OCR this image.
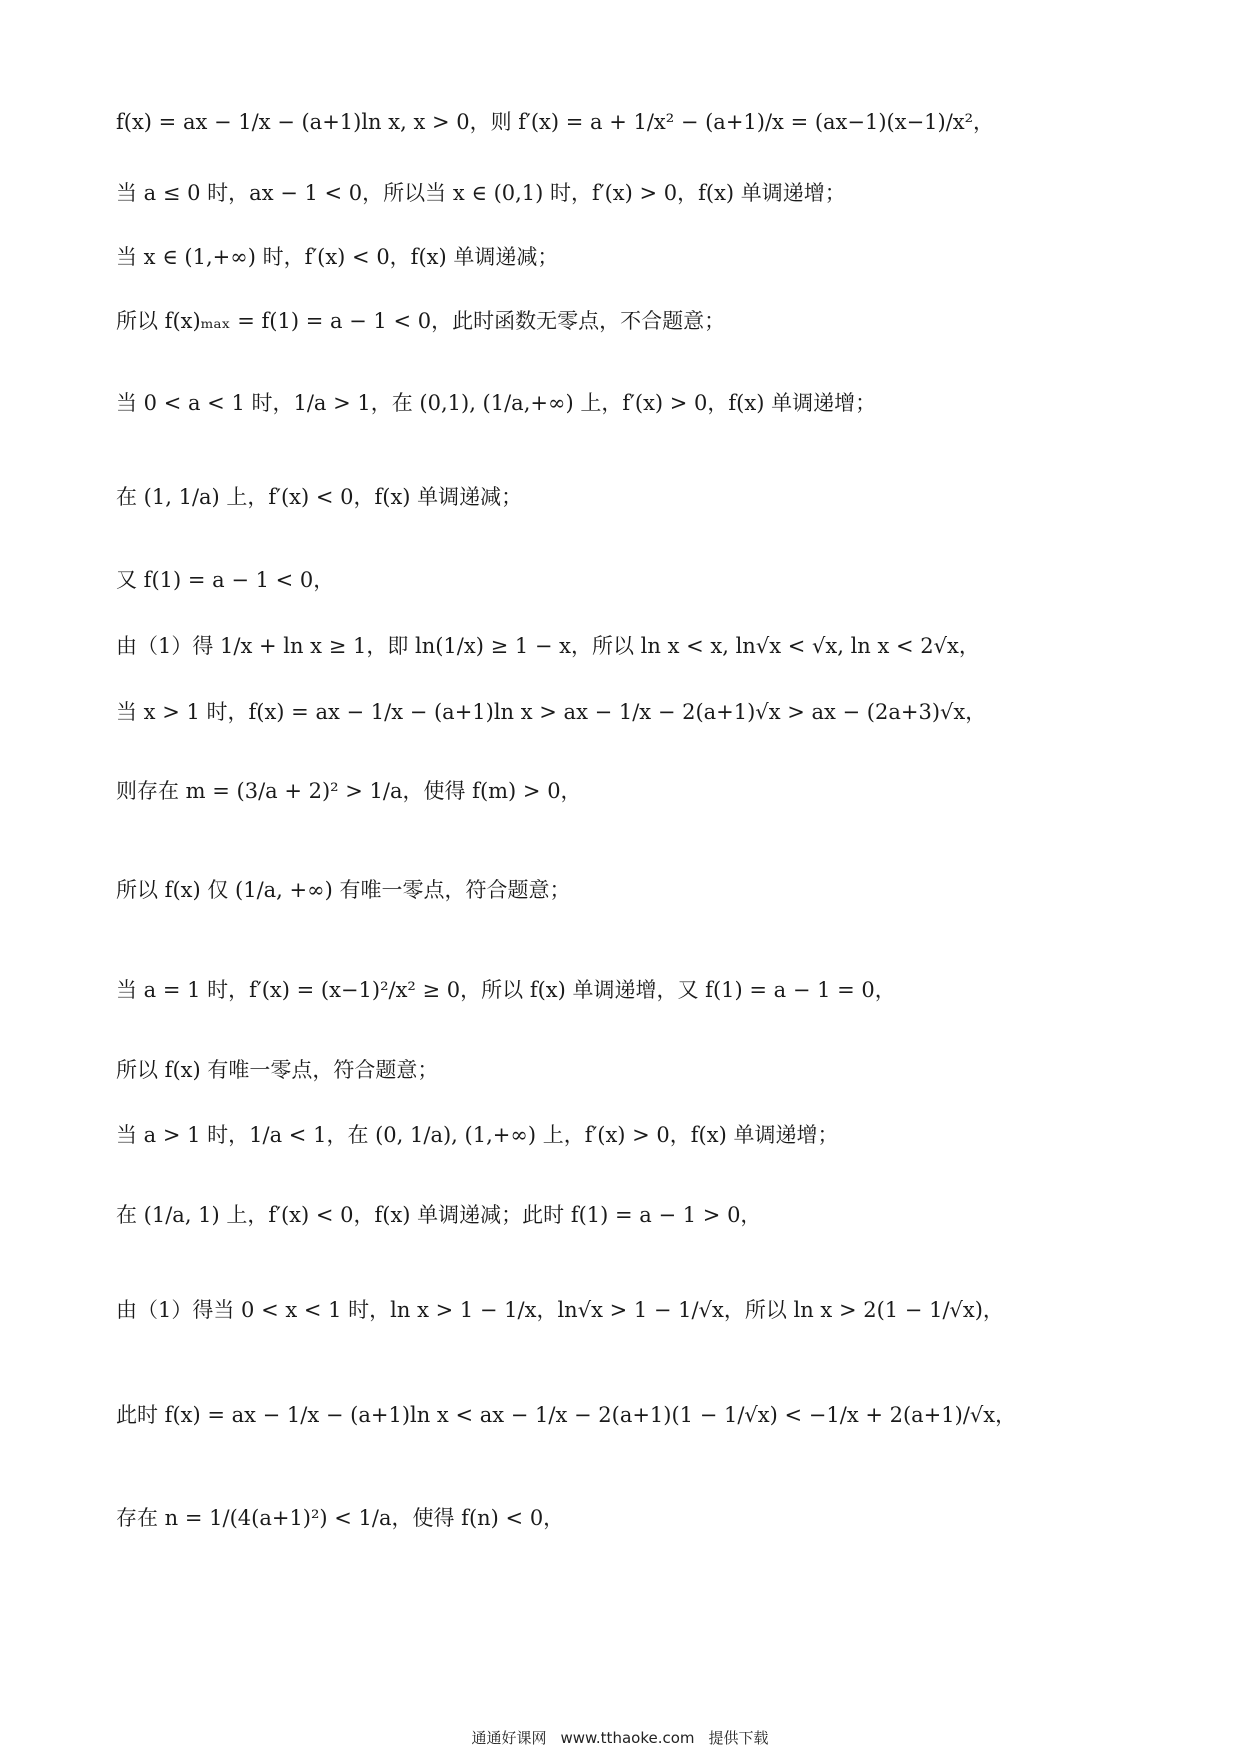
f(x) = ax − 1/x − (a+1)ln x, x > 0，则 f′(x) = a + 1/x² − (a+1)/x = (ax−1)(x−1)/x²，
当 a ≤ 0 时，ax − 1 < 0，所以当 x ∈ (0,1) 时，f′(x) > 0，f(x) 单调递增；
当 x ∈ (1,+∞) 时，f′(x) < 0，f(x) 单调递减；
所以 f(x)ₘₐₓ = f(1) = a − 1 < 0，此时函数无零点，不合题意；
当 0 < a < 1 时，1/a > 1，在 (0,1), (1/a,+∞) 上，f′(x) > 0，f(x) 单调递增；
在 (1, 1/a) 上，f′(x) < 0，f(x) 单调递减；
又 f(1) = a − 1 < 0，
由（1）得 1/x + ln x ≥ 1，即 ln(1/x) ≥ 1 − x，所以 ln x < x, ln√x < √x, ln x < 2√x，
当 x > 1 时，f(x) = ax − 1/x − (a+1)ln x > ax − 1/x − 2(a+1)√x > ax − (2a+3)√x，
则存在 m = (3/a + 2)² > 1/a，使得 f(m) > 0，
所以 f(x) 仅 (1/a, +∞) 有唯一零点，符合题意；
当 a = 1 时，f′(x) = (x−1)²/x² ≥ 0，所以 f(x) 单调递增，又 f(1) = a − 1 = 0，
所以 f(x) 有唯一零点，符合题意；
当 a > 1 时，1/a < 1，在 (0, 1/a), (1,+∞) 上，f′(x) > 0，f(x) 单调递增；
在 (1/a, 1) 上，f′(x) < 0，f(x) 单调递减；此时 f(1) = a − 1 > 0，
由（1）得当 0 < x < 1 时，ln x > 1 − 1/x，ln√x > 1 − 1/√x，所以 ln x > 2(1 − 1/√x)，
此时 f(x) = ax − 1/x − (a+1)ln x < ax − 1/x − 2(a+1)(1 − 1/√x) < −1/x + 2(a+1)/√x，
存在 n = 1/(4(a+1)²) < 1/a，使得 f(n) < 0，
通通好课网 www.tthaoke.com 提供下载
